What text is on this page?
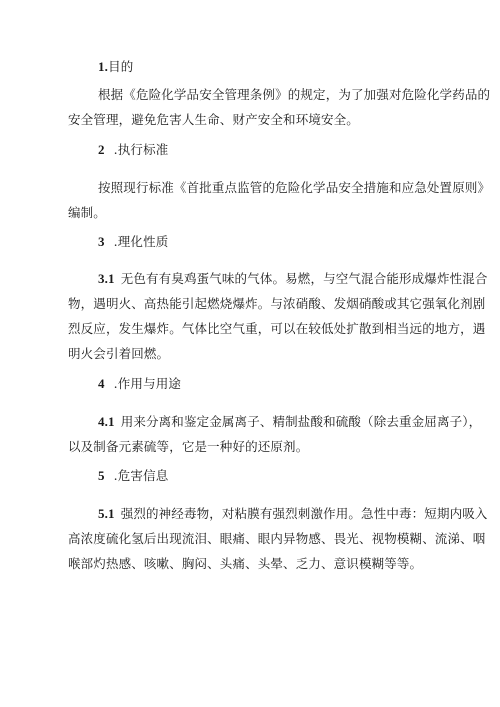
1.目的
根据《危险化学品安全管理条例》的规定，为了加强对危险化学药品的
安全管理，避免危害人生命、财产安全和环境安全。
2 .执行标准
按照现行标准《首批重点监管的危险化学品安全措施和应急处置原则》
编制。
3 .理化性质
3.1 无色有有臭鸡蛋气味的气体。易燃，与空气混合能形成爆炸性混合
物，遇明火、高热能引起燃烧爆炸。与浓硝酸、发烟硝酸或其它强氧化剂剧
烈反应，发生爆炸。气体比空气重，可以在较低处扩散到相当远的地方，遇
明火会引着回燃。
4 .作用与用途
4.1 用来分离和鉴定金属离子、精制盐酸和硫酸（除去重金屈离子），
以及制备元素硫等，它是一种好的还原剂。
5 .危害信息
5.1 强烈的神经毒物，对粘膜有强烈刺激作用。急性中毒：短期内吸入
高浓度硫化氢后出现流泪、眼痛、眼内异物感、畏光、视物模糊、流涕、咽
喉部灼热感、咳嗽、胸闷、头痛、头晕、乏力、意识模糊等等。
